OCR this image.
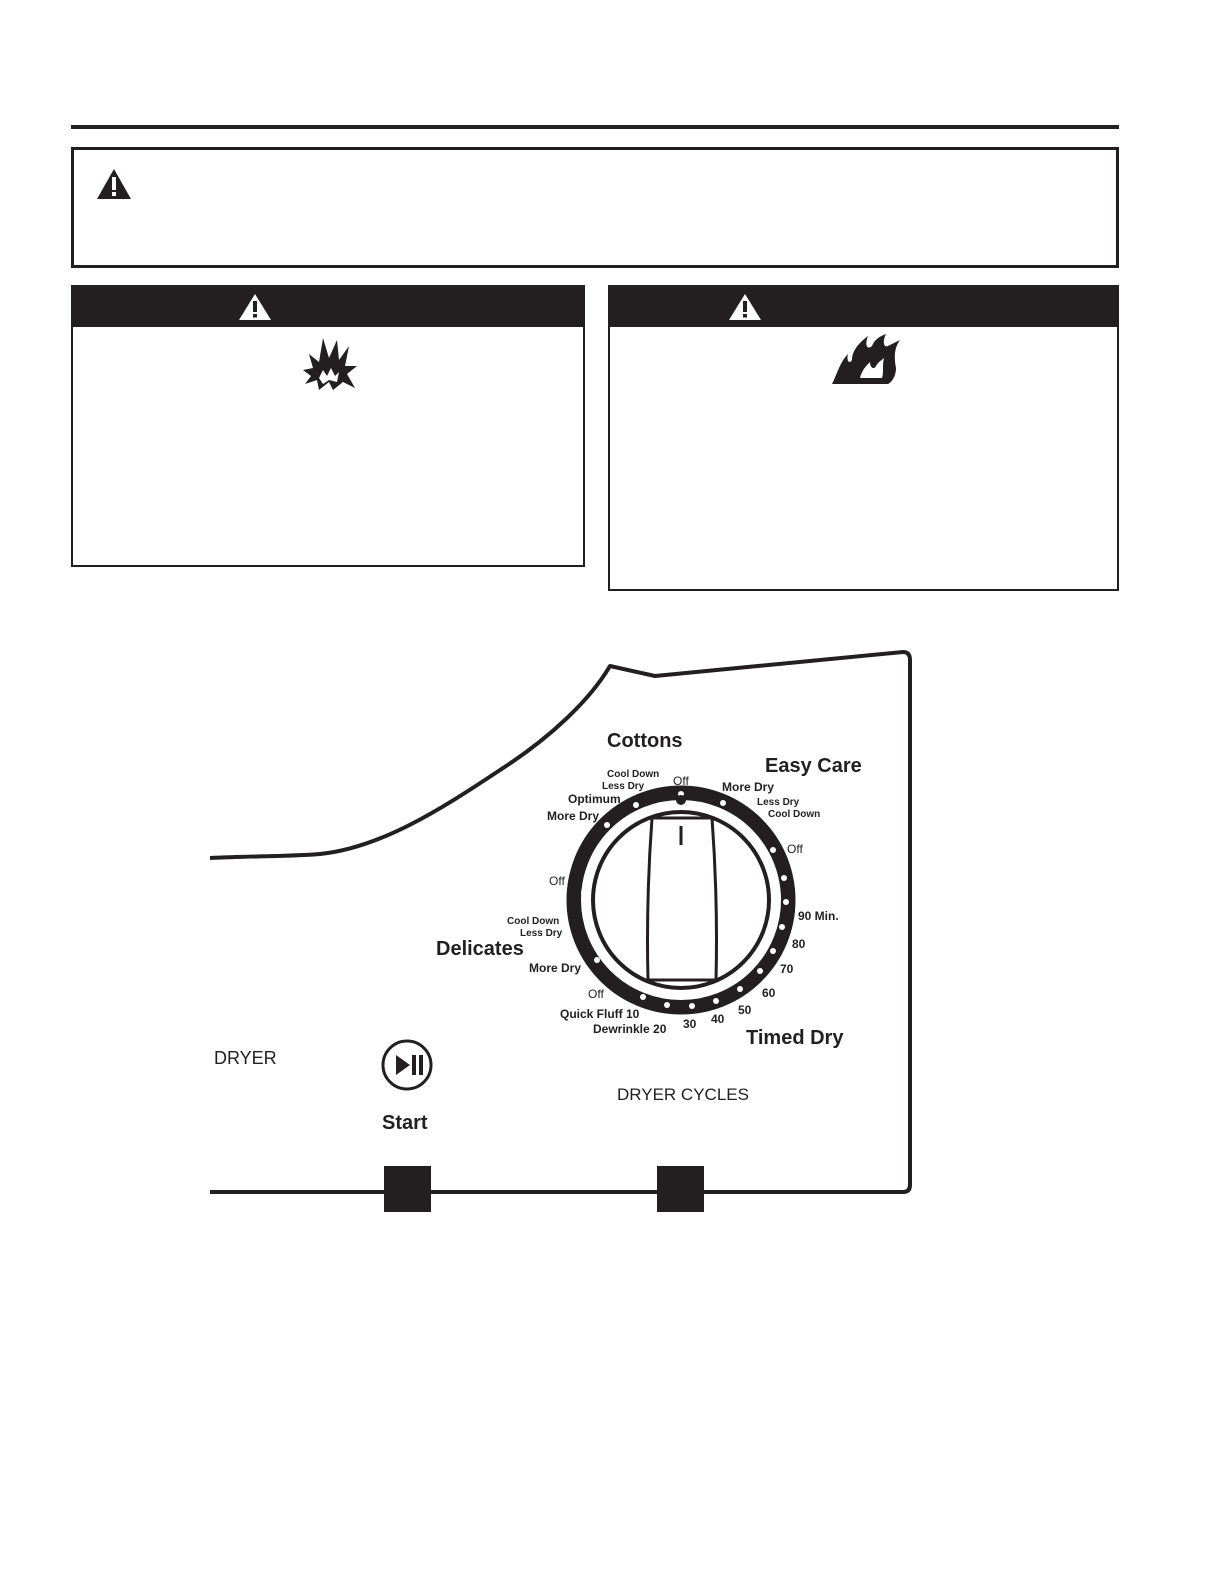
DRYER
Start
DRYER CYCLES
Cottons
Easy Care
Delicates
Timed Dry
Off
Cool Down
Less Dry
Optimum
More Dry
More Dry
Less Dry
Cool Down
Off
Off
Cool Down
Less Dry
More Dry
Off
Quick Fluff 10
Dewrinkle 20 30 40
50
60
70
80
90 Min.
